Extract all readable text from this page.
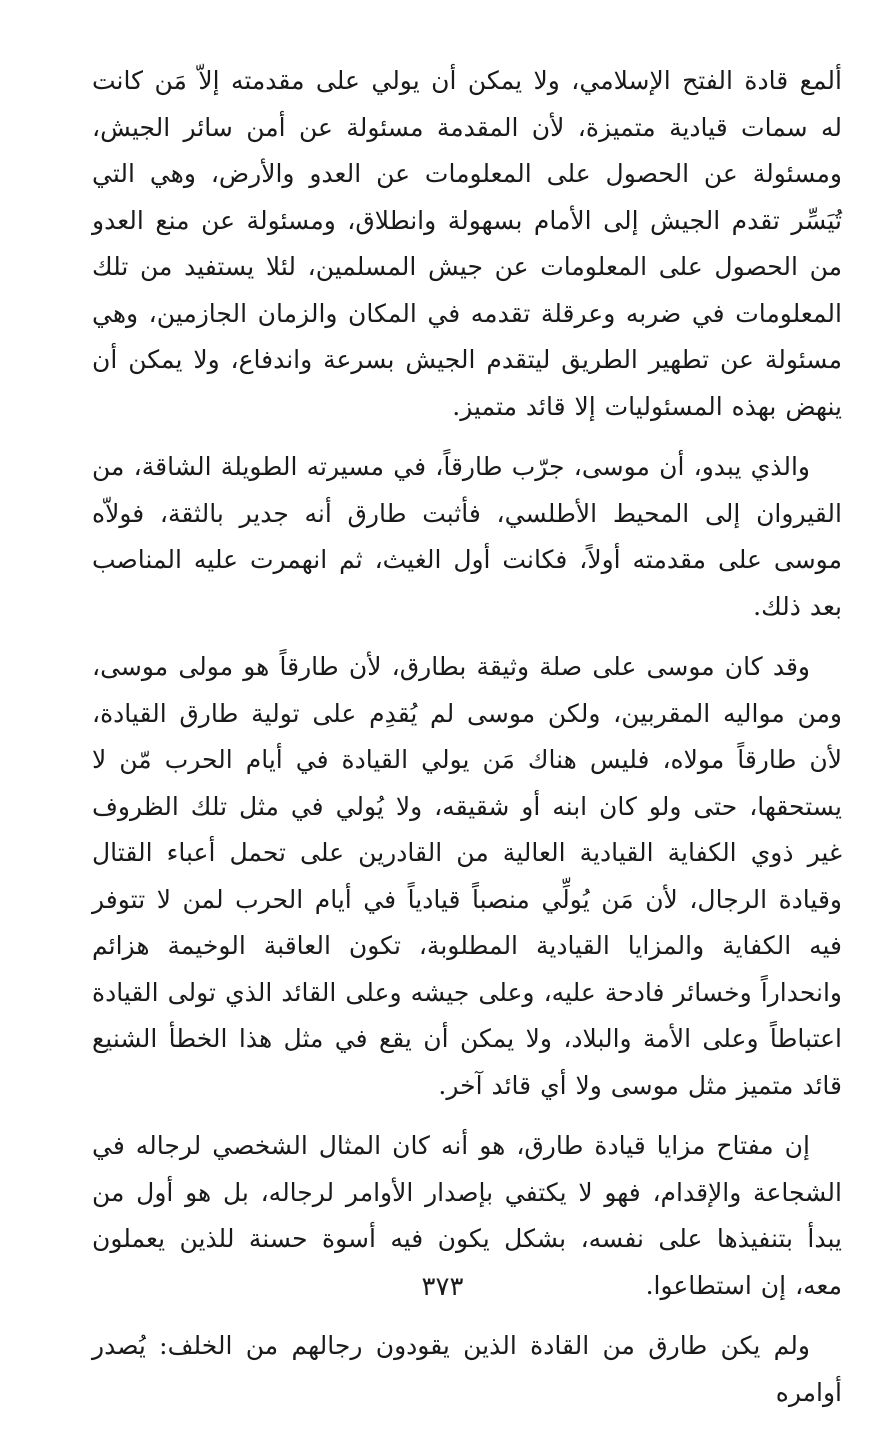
ألمع قادة الفتح الإسلامي، ولا يمكن أن يولي على مقدمته إلاّ مَن كانت له سمات قيادية متميزة، لأن المقدمة مسئولة عن أمن سائر الجيش، ومسئولة عن الحصول على المعلومات عن العدو والأرض، وهي التي تُيَسِّر تقدم الجيش إلى الأمام بسهولة وانطلاق، ومسئولة عن منع العدو من الحصول على المعلومات عن جيش المسلمين، لئلا يستفيد من تلك المعلومات في ضربه وعرقلة تقدمه في المكان والزمان الجازمين، وهي مسئولة عن تطهير الطريق ليتقدم الجيش بسرعة واندفاع، ولا يمكن أن ينهض بهذه المسئوليات إلا قائد متميز.

والذي يبدو، أن موسى، جرّب طارقاً، في مسيرته الطويلة الشاقة، من القيروان إلى المحيط الأطلسي، فأثبت طارق أنه جدير بالثقة، فولاّه موسى على مقدمته أولاً، فكانت أول الغيث، ثم انهمرت عليه المناصب بعد ذلك.

وقد كان موسى على صلة وثيقة بطارق، لأن طارقاً هو مولى موسى، ومن مواليه المقربين، ولكن موسى لم يُقدِم على تولية طارق القيادة، لأن طارقاً مولاه، فليس هناك مَن يولي القيادة في أيام الحرب مّن لا يستحقها، حتى ولو كان ابنه أو شقيقه، ولا يُولي في مثل تلك الظروف غير ذوي الكفاية القيادية العالية من القادرين على تحمل أعباء القتال وقيادة الرجال، لأن مَن يُولِّي منصباً قيادياً في أيام الحرب لمن لا تتوفر فيه الكفاية والمزايا القيادية المطلوبة، تكون العاقبة الوخيمة هزائم وانحداراً وخسائر فادحة عليه، وعلى جيشه وعلى القائد الذي تولى القيادة اعتباطاً وعلى الأمة والبلاد، ولا يمكن أن يقع في مثل هذا الخطأ الشنيع قائد متميز مثل موسى ولا أي قائد آخر.

إن مفتاح مزايا قيادة طارق، هو أنه كان المثال الشخصي لرجاله في الشجاعة والإقدام، فهو لا يكتفي بإصدار الأوامر لرجاله، بل هو أول من يبدأ بتنفيذها على نفسه، بشكل يكون فيه أسوة حسنة للذين يعملون معه، إن استطاعوا.

ولم يكن طارق من القادة الذين يقودون رجالهم من الخلف: يُصدر أوامره

٣٧٣
